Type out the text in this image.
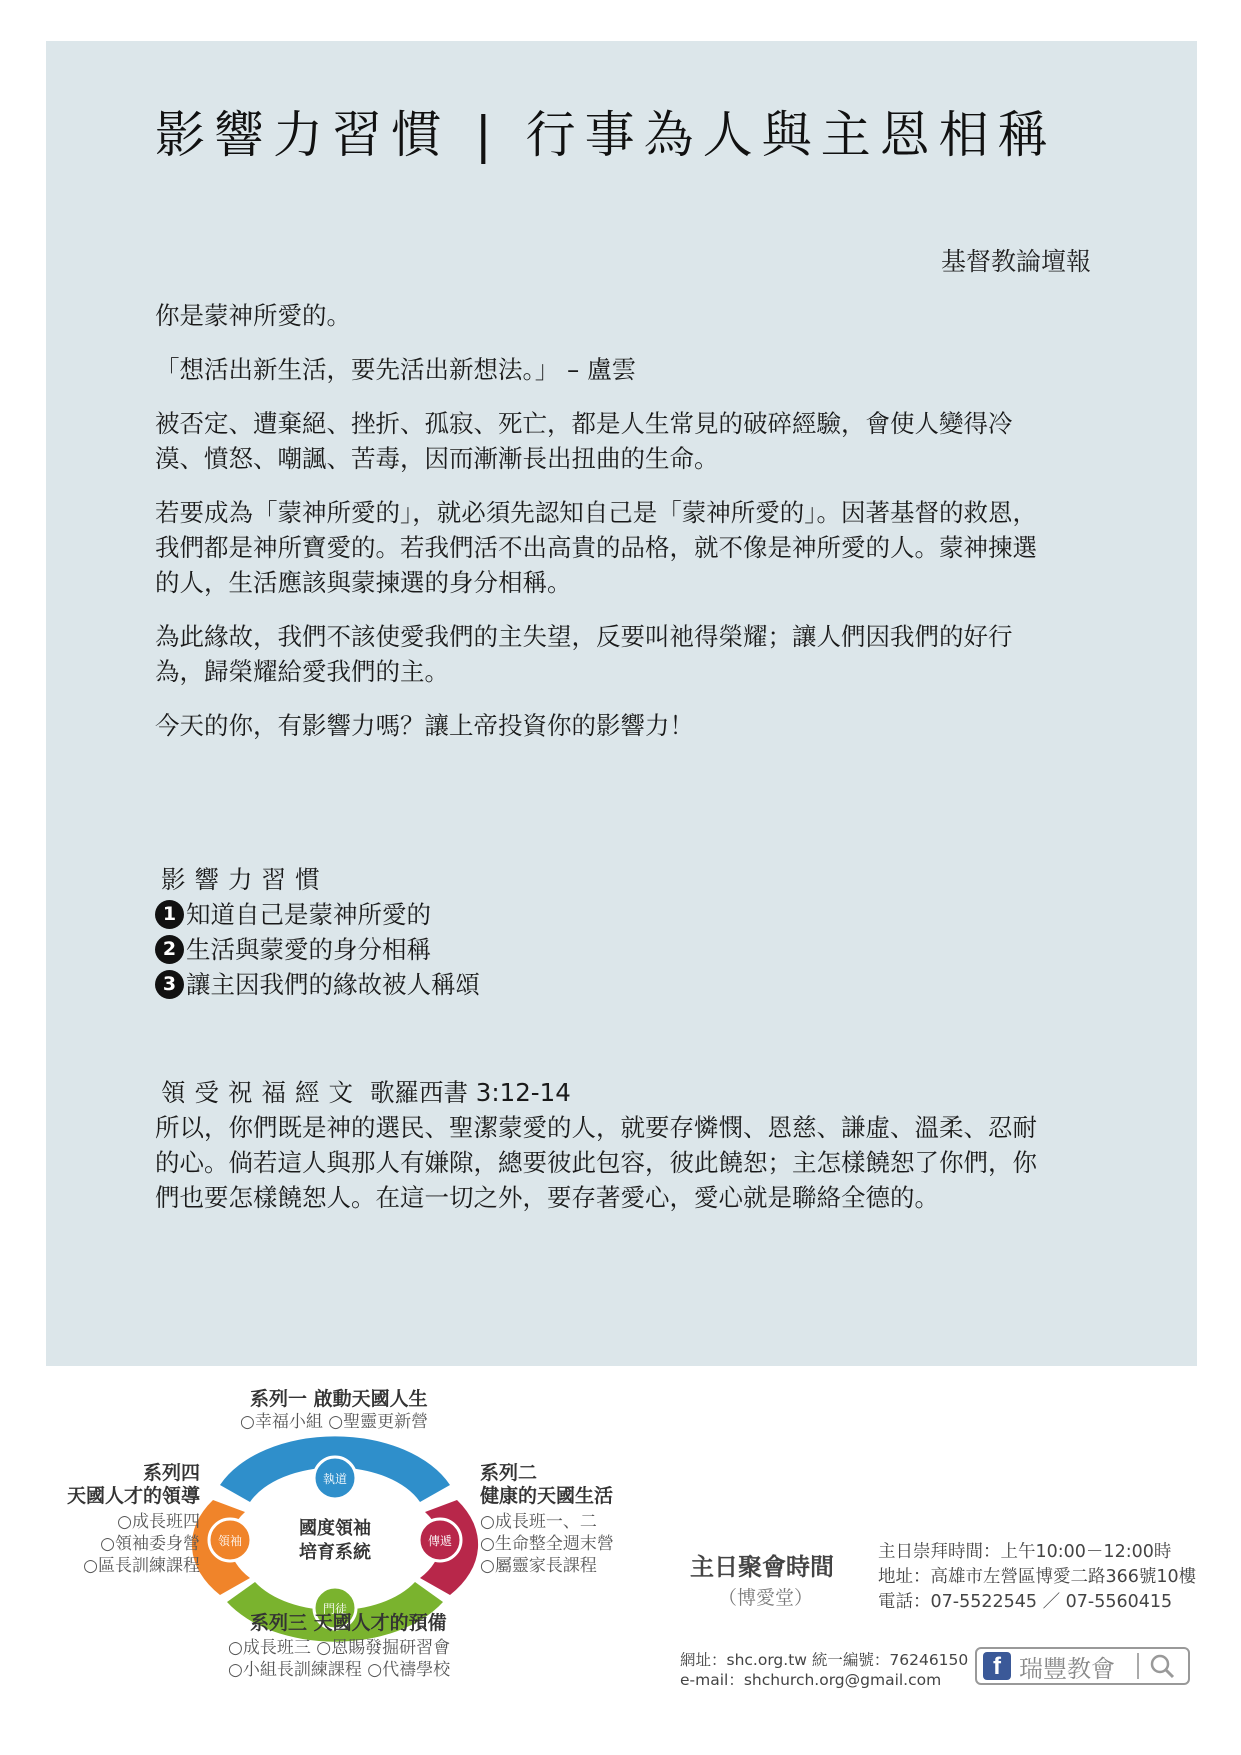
影響力習慣 | 行事為人與主恩相稱
基督教論壇報

你是蒙神所愛的。

「想活出新生活，要先活出新想法。」 – 盧雲

被否定、遭棄絕、挫折、孤寂、死亡，都是人生常見的破碎經驗，會使人變得冷漠、憤怒、嘲諷、苦毒，因而漸漸長出扭曲的生命。

若要成為「蒙神所愛的」，就必須先認知自己是「蒙神所愛的」。因著基督的救恩，我們都是神所寶愛的。若我們活不出高貴的品格，就不像是神所愛的人。蒙神揀選的人，生活應該與蒙揀選的身分相稱。

為此緣故，我們不該使愛我們的主失望，反要叫祂得榮耀；讓人們因我們的好行為，歸榮耀給愛我們的主。

今天的你，有影響力嗎？讓上帝投資你的影響力！

影響力習慣
1 知道自己是蒙神所愛的
2 生活與蒙愛的身分相稱
3 讓主因我們的緣故被人稱頌
領受祝福經文 歌羅西書 3:12-14
所以，你們既是神的選民、聖潔蒙愛的人，就要存憐憫、恩慈、謙虛、溫柔、忍耐的心。倘若這人與那人有嫌隙，總要彼此包容，彼此饒恕；主怎樣饒恕了你們，你們也要怎樣饒恕人。在這一切之外，要存著愛心，愛心就是聯絡全德的。
執道
傳遞
門徒
領袖
國度領袖
培育系統
系列一 啟動天國人生
○幸福小組 ○聖靈更新營
系列二
健康的天國生活
○成長班一、二
○生命整全週末營
○屬靈家長課程
系列三 天國人才的預備
○成長班三 ○恩賜發掘研習會
○小組長訓練課程 ○代禱學校
系列四
天國人才的領導
○成長班四
○領袖委身營
○區長訓練課程	主日聚會時間
（博愛堂）
主日崇拜時間：上午10:00－12:00時
地址：高雄市左營區博愛二路366號10樓
電話：07-5522545 ／ 07-5560415
網址：shc.org.tw 統一編號：76246150
e-mail：shchurch.org@gmail.com	f 瑞豐教會
